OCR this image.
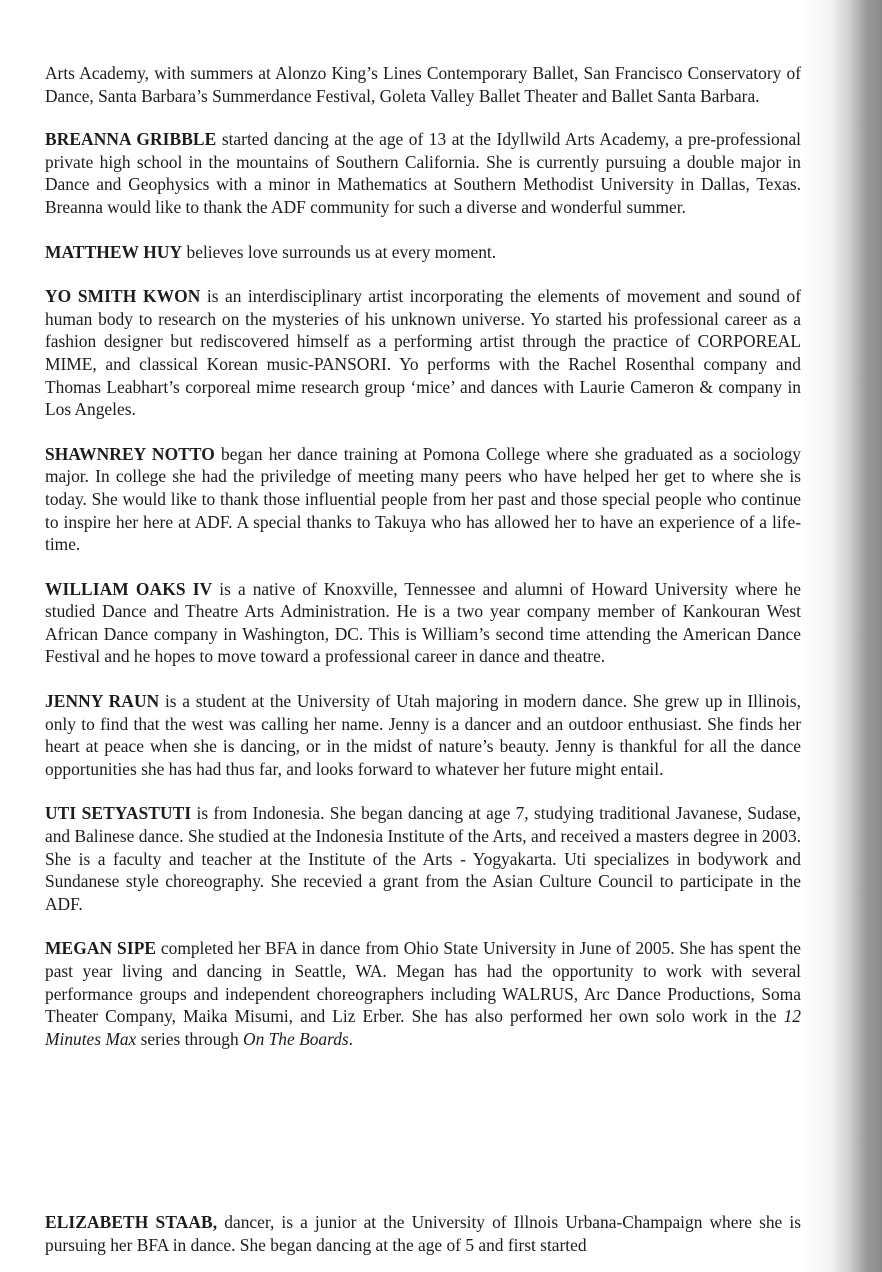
Arts Academy, with summers at Alonzo King’s Lines Contemporary Ballet, San Francisco Conservatory of Dance, Santa Barbara’s Summerdance Festival, Goleta Valley Ballet Theater and Ballet Santa Barbara.

BREANNA GRIBBLE started dancing at the age of 13 at the Idyllwild Arts Academy, a pre-professional private high school in the mountains of Southern California. She is currently pursuing a double major in Dance and Geophysics with a minor in Mathematics at Southern Methodist University in Dallas, Texas. Breanna would like to thank the ADF community for such a diverse and wonderful summer.

MATTHEW HUY believes love surrounds us at every moment.

YO SMITH KWON is an interdisciplinary artist incorporating the elements of movement and sound of human body to research on the mysteries of his unknown universe. Yo started his professional career as a fashion designer but rediscovered himself as a performing artist through the practice of CORPOREAL MIME, and classical Korean music-PANSORI. Yo performs with the Rachel Rosenthal company and Thomas Leabhart’s corporeal mime research group ‘mice’ and dances with Laurie Cameron & company in Los Angeles.

SHAWNREY NOTTO began her dance training at Pomona College where she graduated as a sociology major. In college she had the priviledge of meeting many peers who have helped her get to where she is today. She would like to thank those influential people from her past and those special people who continue to inspire her here at ADF. A special thanks to Takuya who has allowed her to have an experience of a life-time.

WILLIAM OAKS IV is a native of Knoxville, Tennessee and alumni of Howard University where he studied Dance and Theatre Arts Administration. He is a two year company member of Kankouran West African Dance company in Washington, DC. This is William’s second time attending the American Dance Festival and he hopes to move toward a professional career in dance and theatre.

JENNY RAUN is a student at the University of Utah majoring in modern dance. She grew up in Illinois, only to find that the west was calling her name. Jenny is a dancer and an outdoor enthusiast. She finds her heart at peace when she is dancing, or in the midst of nature’s beauty. Jenny is thankful for all the dance opportunities she has had thus far, and looks forward to whatever her future might entail.

UTI SETYASTUTI is from Indonesia. She began dancing at age 7, studying traditional Javanese, Sudase, and Balinese dance. She studied at the Indonesia Institute of the Arts, and received a masters degree in 2003. She is a faculty and teacher at the Institute of the Arts - Yogyakarta. Uti specializes in bodywork and Sundanese style choreography. She recevied a grant from the Asian Culture Council to participate in the ADF.

MEGAN SIPE completed her BFA in dance from Ohio State University in June of 2005. She has spent the past year living and dancing in Seattle, WA. Megan has had the opportunity to work with several performance groups and independent choreographers including WALRUS, Arc Dance Productions, Soma Theater Company, Maika Misumi, and Liz Erber. She has also performed her own solo work in the 12 Minutes Max series through On The Boards.

ELIZABETH STAAB, dancer, is a junior at the University of Illnois Urbana-Champaign where she is pursuing her BFA in dance. She began dancing at the age of 5 and first started
